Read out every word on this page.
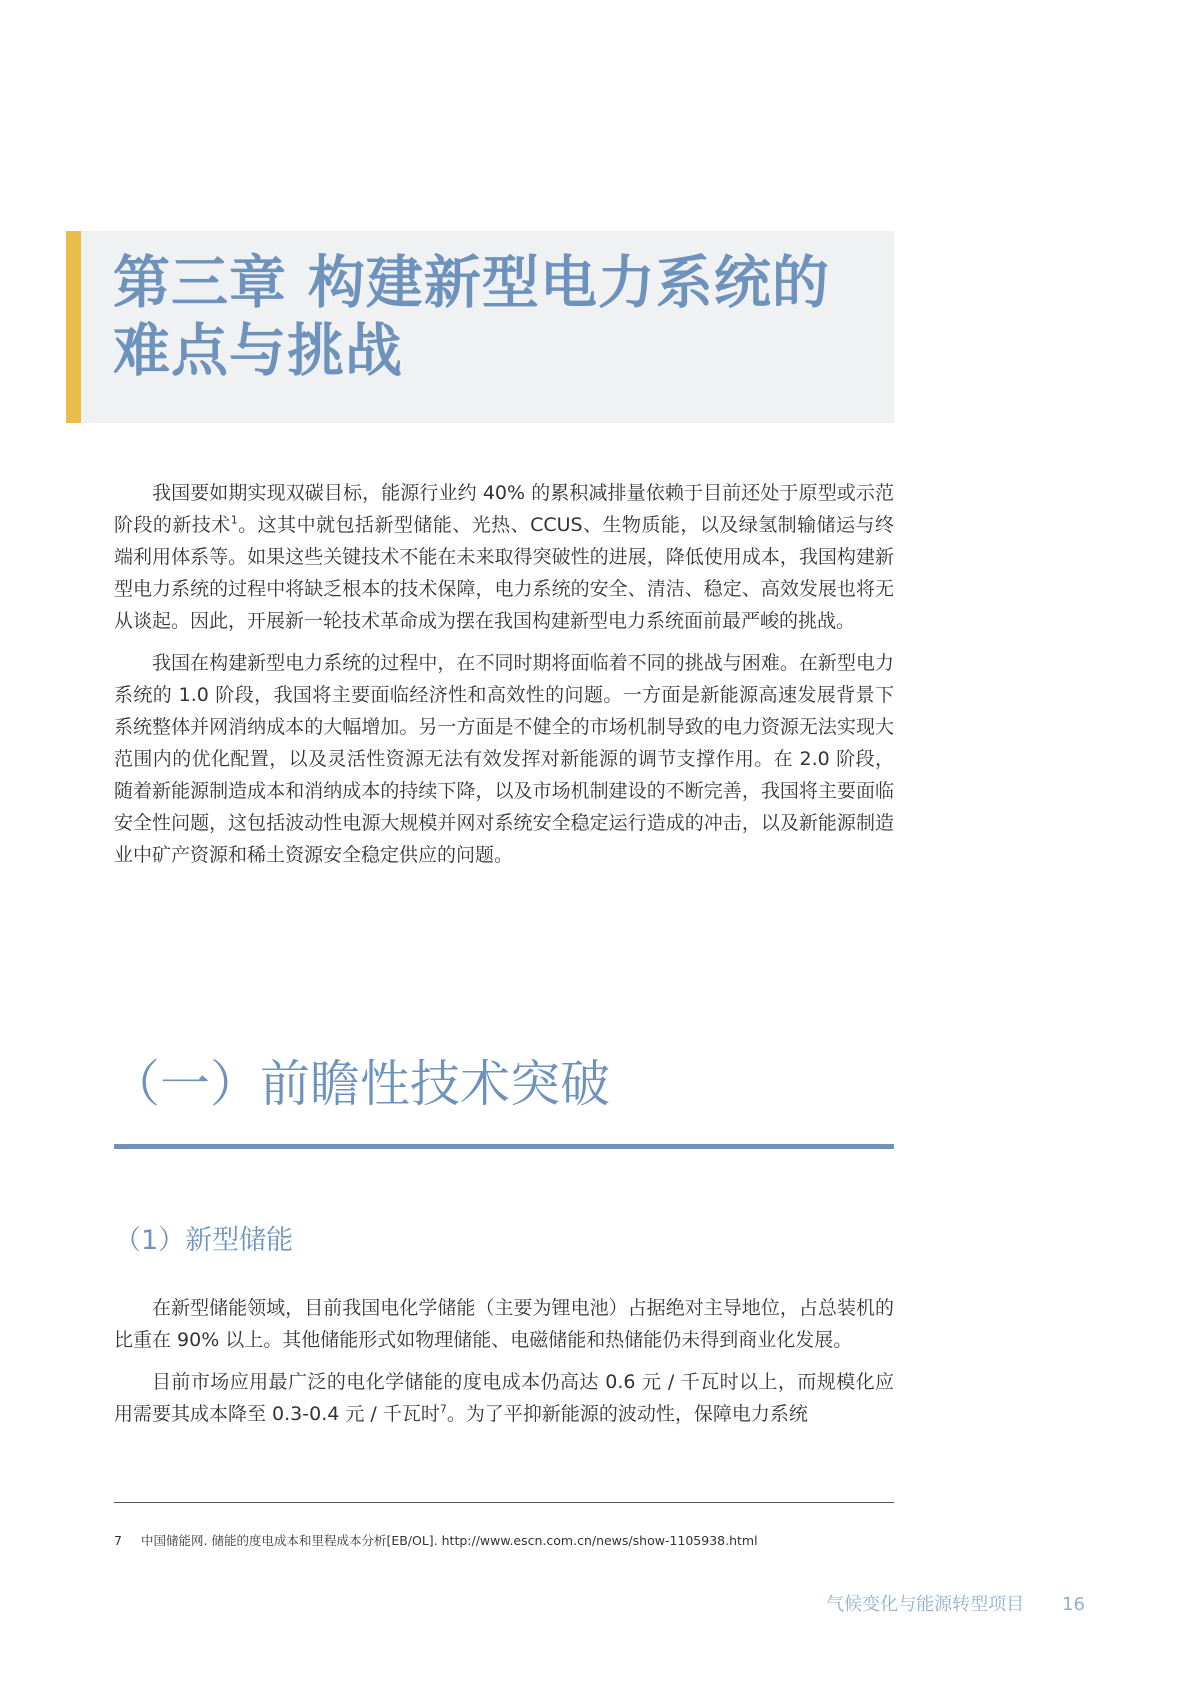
第三章 构建新型电力系统的难点与挑战

我国要如期实现双碳目标，能源行业约 40% 的累积减排量依赖于目前还处于原型或示范阶段的新技术$^1$。这其中就包括新型储能、光热、CCUS、生物质能，以及绿氢制输储运与终端利用体系等。如果这些关键技术不能在未来取得突破性的进展，降低使用成本，我国构建新型电力系统的过程中将缺乏根本的技术保障，电力系统的安全、清洁、稳定、高效发展也将无从谈起。因此，开展新一轮技术革命成为摆在我国构建新型电力系统面前最严峻的挑战。

我国在构建新型电力系统的过程中，在不同时期将面临着不同的挑战与困难。在新型电力系统的 1.0 阶段，我国将主要面临经济性和高效性的问题。一方面是新能源高速发展背景下系统整体并网消纳成本的大幅增加。另一方面是不健全的市场机制导致的电力资源无法实现大范围内的优化配置，以及灵活性资源无法有效发挥对新能源的调节支撑作用。在 2.0 阶段，随着新能源制造成本和消纳成本的持续下降，以及市场机制建设的不断完善，我国将主要面临安全性问题，这包括波动性电源大规模并网对系统安全稳定运行造成的冲击，以及新能源制造业中矿产资源和稀土资源安全稳定供应的问题。

（一）前瞻性技术突破
（1）新型储能

在新型储能领域，目前我国电化学储能（主要为锂电池）占据绝对主导地位，占总装机的比重在 90% 以上。其他储能形式如物理储能、电磁储能和热储能仍未得到商业化发展。

目前市场应用最广泛的电化学储能的度电成本仍高达 0.6 元 / 千瓦时以上，而规模化应用需要其成本降至 0.3-0.4 元 / 千瓦时$^7$。为了平抑新能源的波动性，保障电力系统

7 中国储能网. 储能的度电成本和里程成本分析[EB/OL]. http://www.escn.com.cn/news/show-1105938.html
气候变化与能源转型项目 16
